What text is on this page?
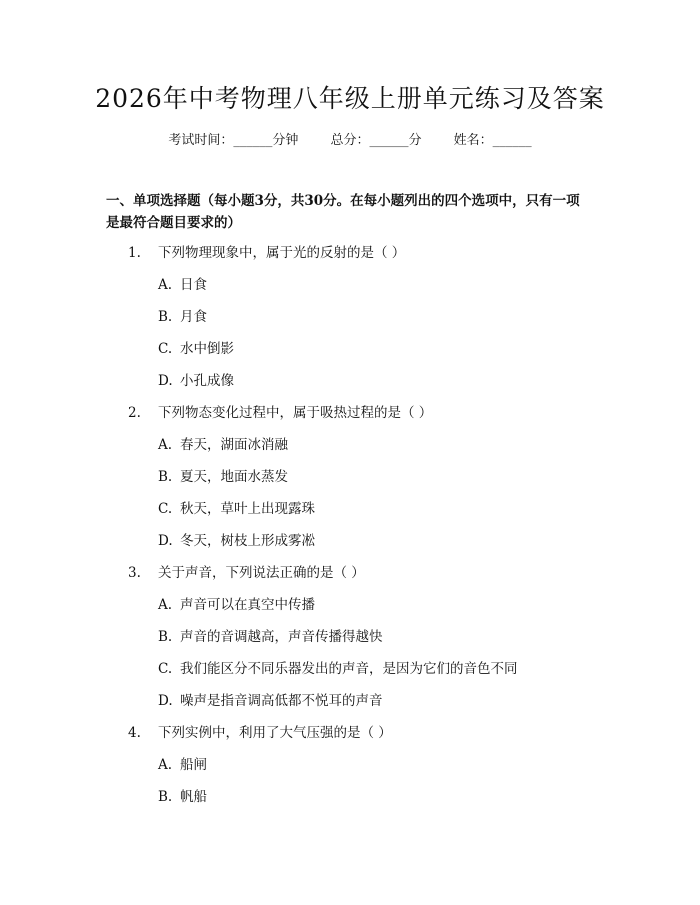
2026年中考物理八年级上册单元练习及答案
考试时间：______分钟 总分：______分 姓名：______
一、单项选择题（每小题3分，共30分。在每小题列出的四个选项中，只有一项
是最符合题目要求的）
1. 下列物理现象中，属于光的反射的是（ ）
A. 日食
B. 月食
C. 水中倒影
D. 小孔成像
2. 下列物态变化过程中，属于吸热过程的是（ ）
A. 春天，湖面冰消融
B. 夏天，地面水蒸发
C. 秋天，草叶上出现露珠
D. 冬天，树枝上形成雾凇
3. 关于声音，下列说法正确的是（ ）
A. 声音可以在真空中传播
B. 声音的音调越高，声音传播得越快
C. 我们能区分不同乐器发出的声音，是因为它们的音色不同
D. 噪声是指音调高低都不悦耳的声音
4. 下列实例中，利用了大气压强的是（ ）
A. 船闸
B. 帆船
